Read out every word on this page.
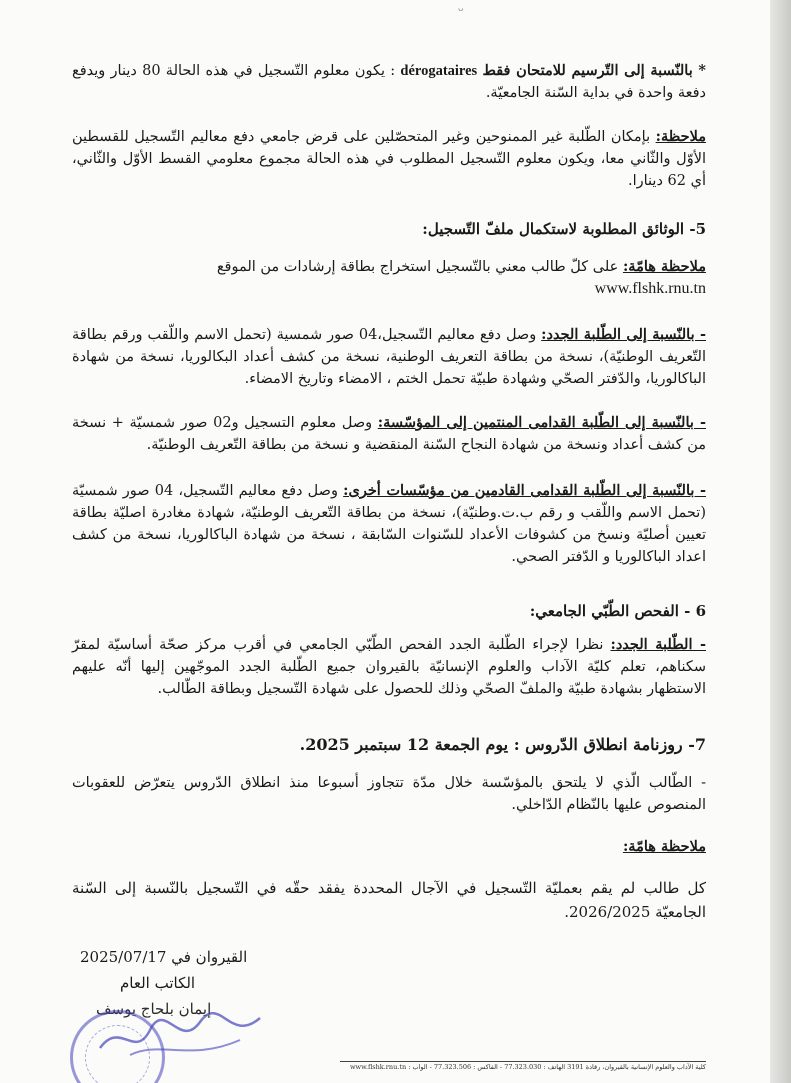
ᴗ

* بالنّسبة إلى التّرسيم للامتحان فقط dérogataires : يكون معلوم التّسجيل في هذه الحالة 80 دينار ويدفع دفعة واحدة في بداية السّنة الجامعيّة.

ملاحظة: بإمكان الطّلبة غير الممنوحين وغير المتحصّلين على قرض جامعي دفع معاليم التّسجيل للقسطين الأوّل والثّاني معا، ويكون معلوم التّسجيل المطلوب في هذه الحالة مجموع معلومي القسط الأوّل والثّاني، أي 62 دينارا.

5- الوثائق المطلوبة لاستكمال ملفّ التّسجيل:

ملاحظة هامّة: على كلّ طالب معني بالتّسجيل استخراج بطاقة إرشادات من الموقع

www.flshk.rnu.tn

- بالنّسبة إلى الطّلبة الجدد: وصل دفع معاليم التّسجيل،04 صور شمسية (تحمل الاسم واللّقب ورقم بطاقة التّعريف الوطنيّة)، نسخة من بطاقة التعريف الوطنية، نسخة من كشف أعداد البكالوريا، نسخة من شهادة الباكالوريا، والدّفتر الصحّي وشهادة طبيّة تحمل الختم ، الامضاء وتاريخ الامضاء.

- بالنّسبة إلى الطّلبة القدامى المنتمين إلى المؤسّسة: وصل معلوم التسجيل و02 صور شمسيّة + نسخة من كشف أعداد ونسخة من شهادة النجاح السّنة المنقضية و نسخة من بطاقة التّعريف الوطنيّة.

- بالنّسبة إلى الطّلبة القدامى القادمين من مؤسّسات أخرى: وصل دفع معاليم التّسجيل، 04 صور شمسيّة (تحمل الاسم واللّقب و رقم ب.ت.وطنيّة)، نسخة من بطاقة التّعريف الوطنيّة، شهادة مغادرة اصليّة بطاقة تعيين أصليّة ونسخ من كشوفات الأعداد للسّنوات السّابقة ، نسخة من شهادة الباكالوريا، نسخة من كشف اعداد الباكالوريا و الدّفتر الصحي.

6 - الفحص الطّبّي الجامعي:

- الطّلبة الجدد: نظرا لإجراء الطّلبة الجدد الفحص الطّبّي الجامعي في أقرب مركز صحّة أساسيّة لمقرّ سكناهم، تعلم كليّة الآداب والعلوم الإنسانيّة بالقيروان جميع الطّلبة الجدد الموجّهين إليها أنّه عليهم الاستظهار بشهادة طبيّة والملفّ الصحّي وذلك للحصول على شهادة التّسجيل وبطاقة الطّالب.

7- روزنامة انطلاق الدّروس : يوم الجمعة 12 سبتمبر 2025.
- الطّالب الّذي لا يلتحق بالمؤسّسة خلال مدّة تتجاوز أسبوعا منذ انطلاق الدّروس يتعرّض للعقوبات المنصوص عليها بالنّظام الدّاخلي.
ملاحظة هامّة:
كل طالب لم يقم بعمليّة التّسجيل في الآجال المحددة يفقد حقّه في التّسجيل بالنّسبة إلى السّنة الجامعيّة 2026/2025.
القيروان في 2025/07/17
الكاتب العام
إيمان بلحاج يوسف
كلية الآداب والعلوم الإنسانية بالقيروان، رقادة 3191 الهاتف : 77.323.030 - الفاكس : 77.323.506 - الواب : www.flshk.rnu.tn
